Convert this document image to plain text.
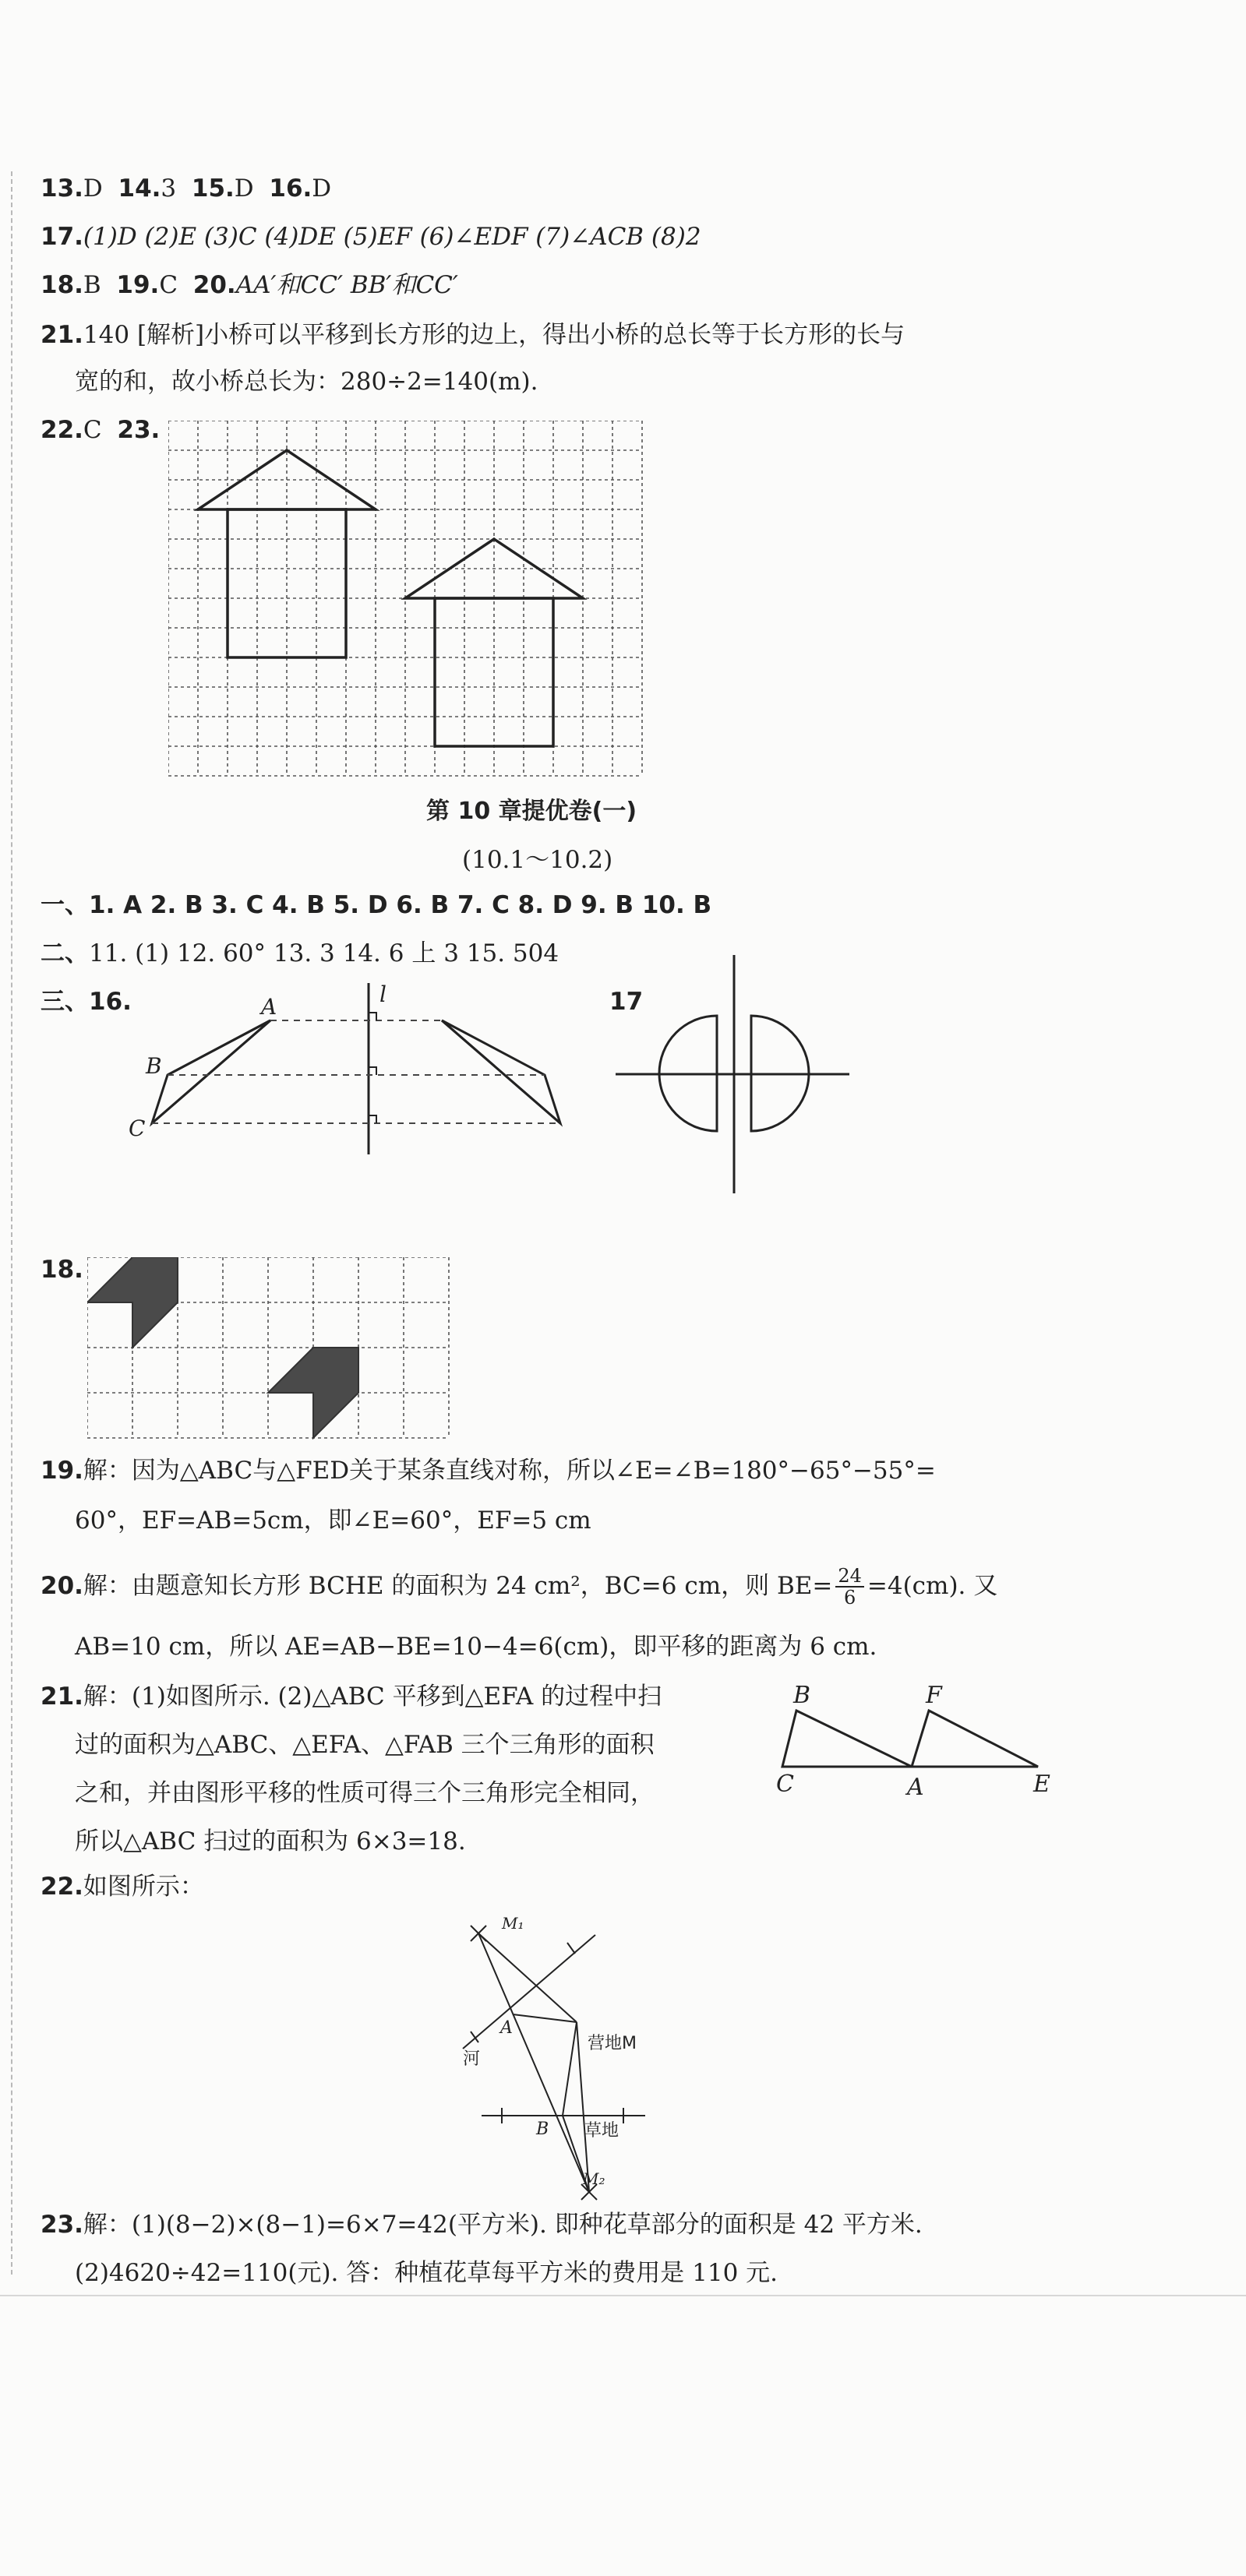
13.D 14.3 15.D 16.D
17.(1)D (2)E (3)C (4)DE (5)EF (6)∠EDF (7)∠ACB (8)2
18.B 19.C 20.AA′和CC′ BB′和CC′
21.140 [解析]小桥可以平移到长方形的边上，得出小桥的总长等于长方形的长与
宽的和，故小桥总长为：280÷2=140(m).
22.C 23.
第 10 章提优卷(一)
(10.1～10.2)
一、1. A 2. B 3. C 4. B 5. D 6. B 7. C 8. D 9. B 10. B
二、11. (1) 12. 60° 13. 3 14. 6 上 3 15. 504
三、16.	17
A
B
C
l
18.
19.解：因为△ABC与△FED关于某条直线对称，所以∠E=∠B=180°−65°−55°=
60°，EF=AB=5cm，即∠E=60°，EF=5 cm
20.解：由题意知长方形 BCHE 的面积为 24 cm²，BC=6 cm，则 $BE= \frac{24}{6} =4(cm)$. 又
AB=10 cm，所以 AE=AB−BE=10−4=6(cm)，即平移的距离为 6 cm.
21.解：(1)如图所示. (2)△ABC 平移到△EFA 的过程中扫
过的面积为△ABC、△EFA、△FAB 三个三角形的面积
之和，并由图形平移的性质可得三个三角形完全相同，
所以△ABC 扫过的面积为 6×3=18.
B	F
C	A	E
22.如图所示：
M₁
A
河
营地M
B 草地
M₂
23.解：(1)(8−2)×(8−1)=6×7=42(平方米). 即种花草部分的面积是 42 平方米.
(2)4620÷42=110(元). 答：种植花草每平方米的费用是 110 元.
